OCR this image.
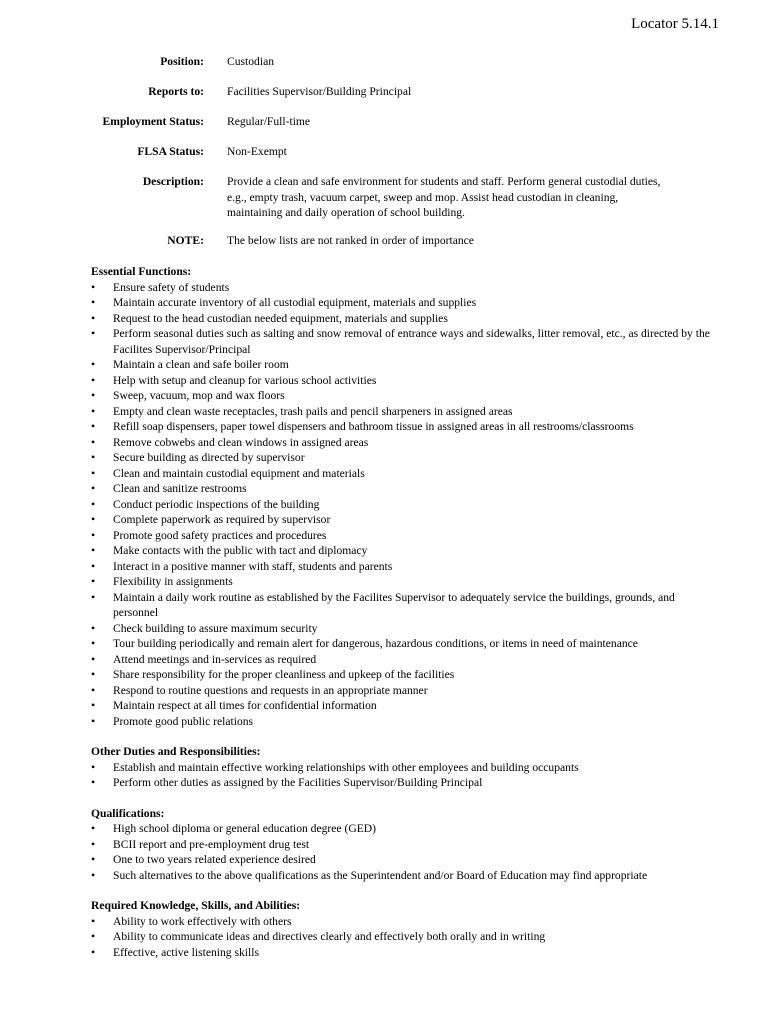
Locator 5.14.1
Position: Custodian
Reports to: Facilities Supervisor/Building Principal
Employment Status: Regular/Full-time
FLSA Status: Non-Exempt
Description: Provide a clean and safe environment for students and staff. Perform general custodial duties, e.g., empty trash, vacuum carpet, sweep and mop. Assist head custodian in cleaning, maintaining and daily operation of school building.
NOTE: The below lists are not ranked in order of importance
Essential Functions:
• Ensure safety of students
• Maintain accurate inventory of all custodial equipment, materials and supplies
• Request to the head custodian needed equipment, materials and supplies
• Perform seasonal duties such as salting and snow removal of entrance ways and sidewalks, litter removal, etc., as directed by the Facilites Supervisor/Principal
• Maintain a clean and safe boiler room
• Help with setup and cleanup for various school activities
• Sweep, vacuum, mop and wax floors
• Empty and clean waste receptacles, trash pails and pencil sharpeners in assigned areas
• Refill soap dispensers, paper towel dispensers and bathroom tissue in assigned areas in all restrooms/classrooms
• Remove cobwebs and clean windows in assigned areas
• Secure building as directed by supervisor
• Clean and maintain custodial equipment and materials
• Clean and sanitize restrooms
• Conduct periodic inspections of the building
• Complete paperwork as required by supervisor
• Promote good safety practices and procedures
• Make contacts with the public with tact and diplomacy
• Interact in a positive manner with staff, students and parents
• Flexibility in assignments
• Maintain a daily work routine as established by the Facilites Supervisor to adequately service the buildings, grounds, and personnel
• Check building to assure maximum security
• Tour building periodically and remain alert for dangerous, hazardous conditions, or items in need of maintenance
• Attend meetings and in-services as required
• Share responsibility for the proper cleanliness and upkeep of the facilities
• Respond to routine questions and requests in an appropriate manner
• Maintain respect at all times for confidential information
• Promote good public relations
Other Duties and Responsibilities:
• Establish and maintain effective working relationships with other employees and building occupants
• Perform other duties as assigned by the Facilities Supervisor/Building Principal
Qualifications:
• High school diploma or general education degree (GED)
• BCII report and pre-employment drug test
• One to two years related experience desired
• Such alternatives to the above qualifications as the Superintendent and/or Board of Education may find appropriate
Required Knowledge, Skills, and Abilities:
• Ability to work effectively with others
• Ability to communicate ideas and directives clearly and effectively both orally and in writing
• Effective, active listening skills
